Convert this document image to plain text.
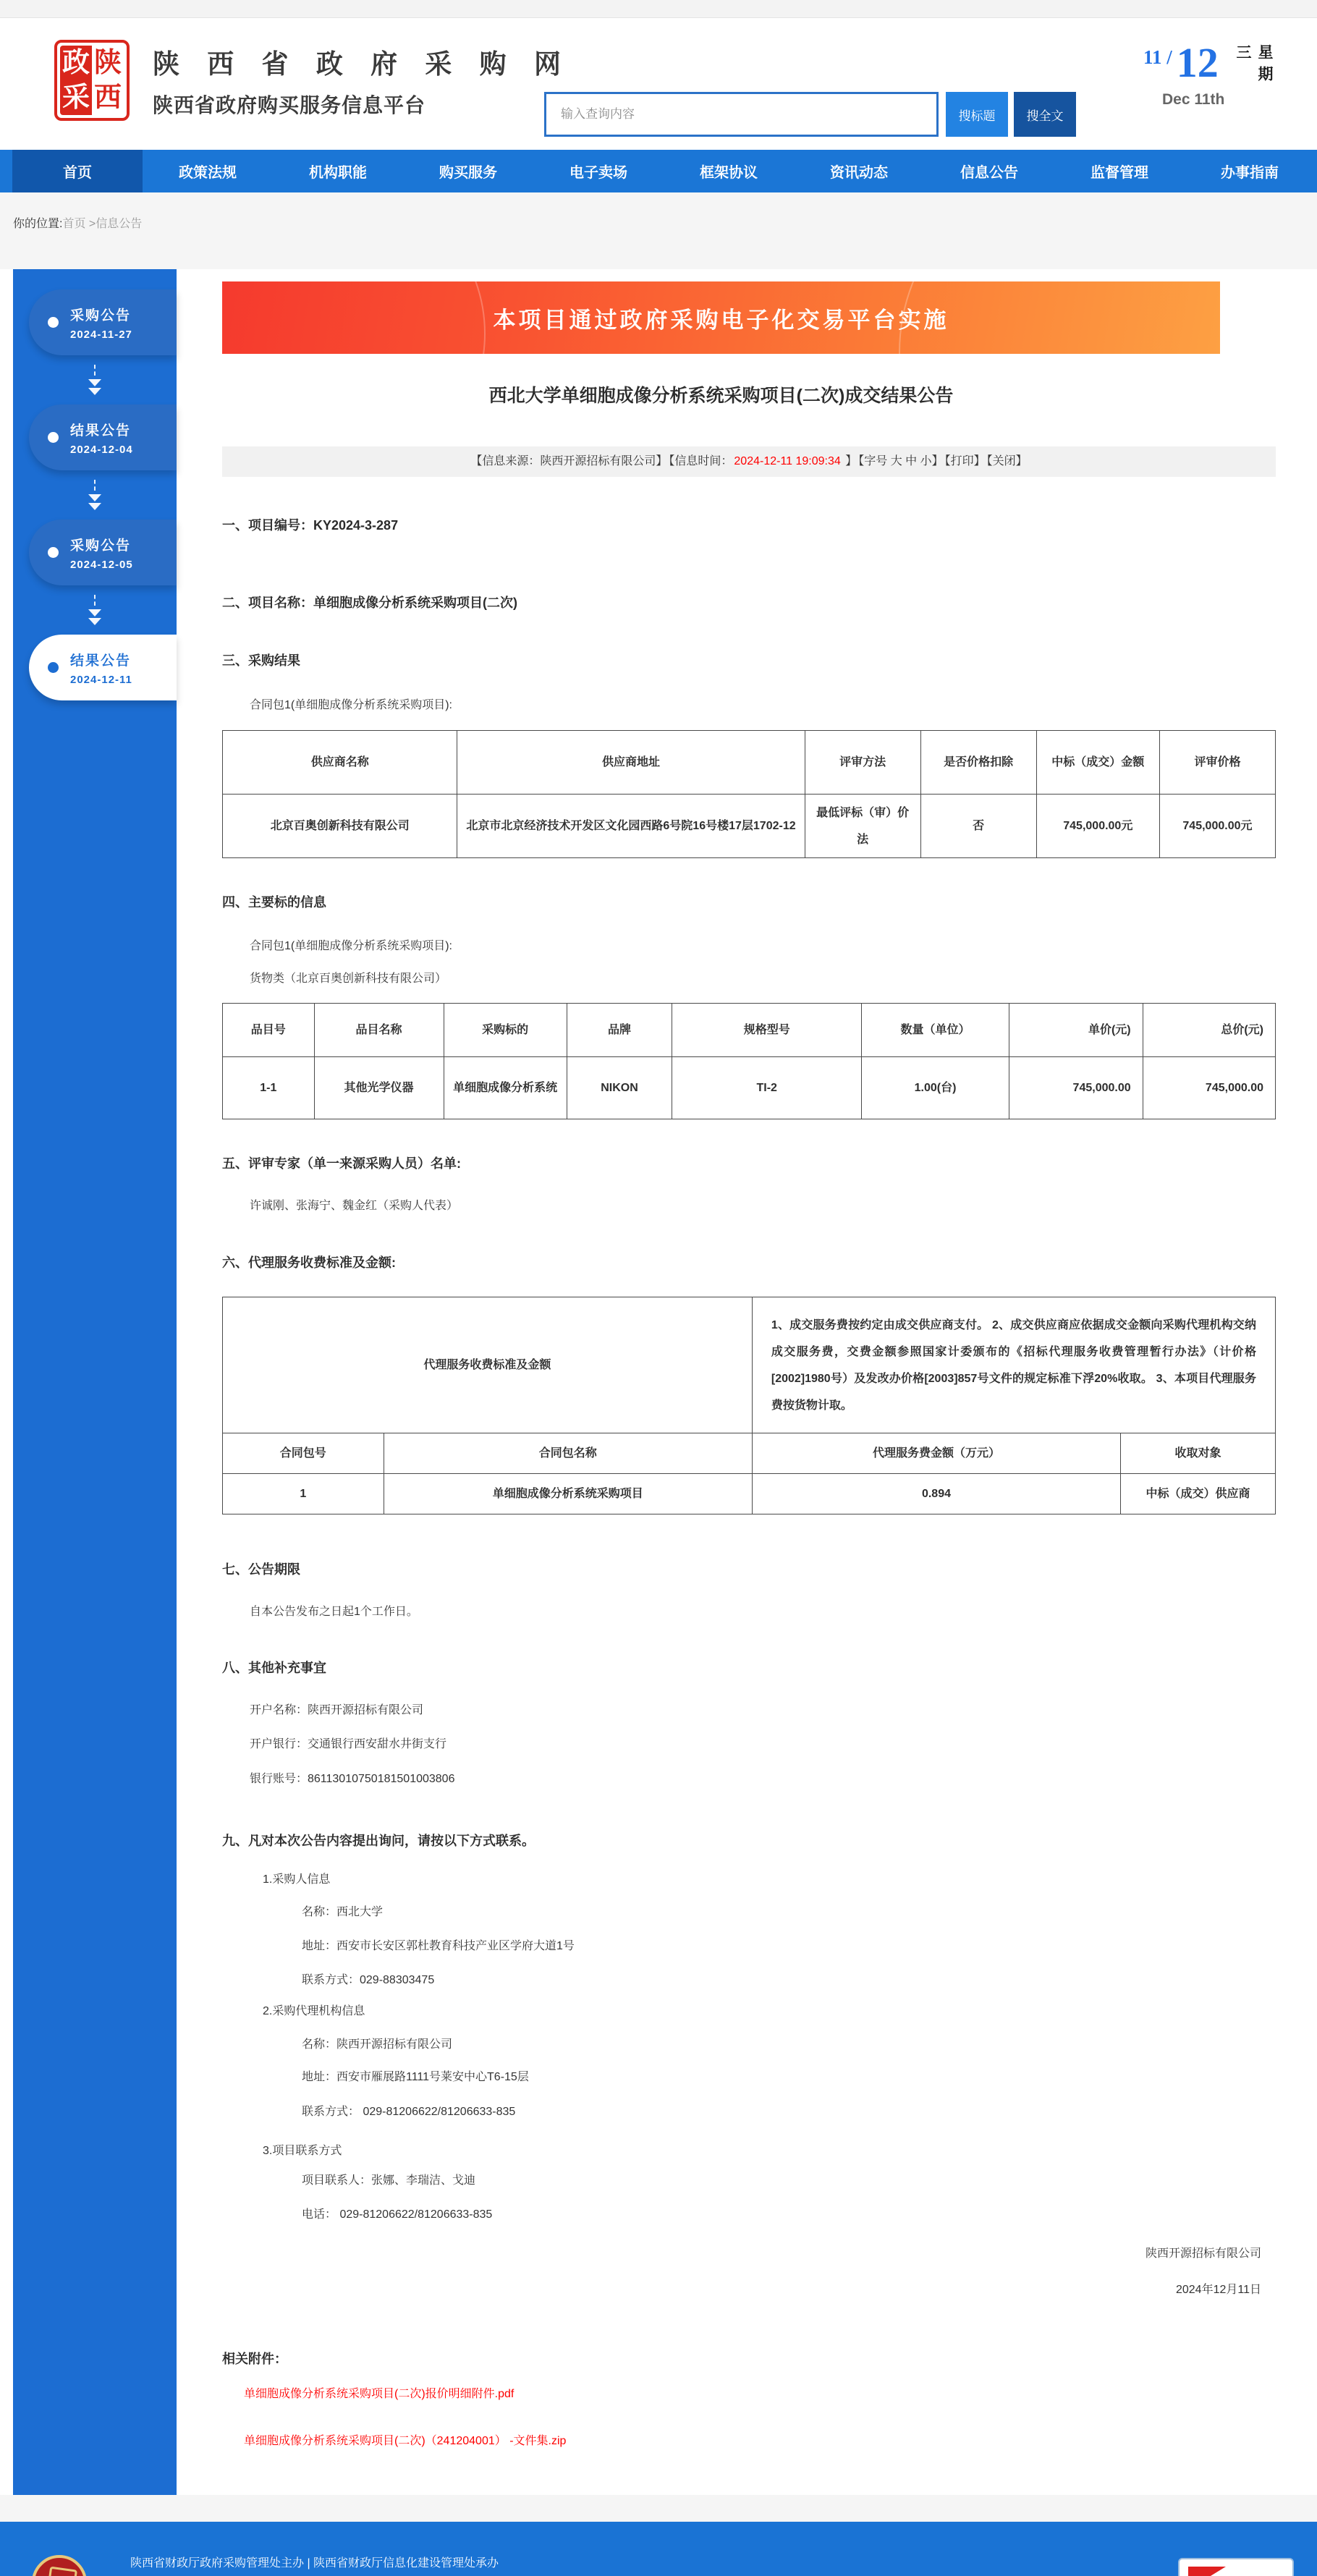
政
采
陕
西
陕 西 省 政 府 采 购 网
陕西省政府购买服务信息平台
输入查询内容	搜标题	搜全文
11 / 12
Dec 11th
星期三
首页	政策法规	机构职能	购买服务	电子卖场	框架协议	资讯动态	信息公告	监督管理	办事指南
你的位置:首页 >信息公告
采购公告
2024-11-27
结果公告
2024-12-04
采购公告
2024-12-05
结果公告
2024-12-11
本项目通过政府采购电子化交易平台实施
西北大学单细胞成像分析系统采购项目(二次)成交结果公告
【信息来源：陕西开源招标有限公司】 【信息时间： 2024-12-11 19:09:34 】 【字号 大 中 小】 【打印】 【关闭】
一、项目编号：KY2024-3-287
二、项目名称：单细胞成像分析系统采购项目(二次)
三、采购结果
合同包1(单细胞成像分析系统采购项目):
供应商名称	供应商地址	评审方法	是否价格扣除	中标（成交）金额	评审价格
北京百奥创新科技有限公司	北京市北京经济技术开发区文化园西路6号院16号楼17层1702-12	最低评标（审）价法	否	745,000.00元	745,000.00元
四、主要标的信息
合同包1(单细胞成像分析系统采购项目):
货物类（北京百奥创新科技有限公司）
品目号	品目名称	采购标的	品牌	规格型号	数量（单位）	单价(元)	总价(元)
1-1	其他光学仪器	单细胞成像分析系统	NIKON	TI-2	1.00(台)	745,000.00	745,000.00
五、评审专家（单一来源采购人员）名单:
许诚刚、张海宁、魏金红（采购人代表）
六、代理服务收费标准及金额:
代理服务收费标准及金额		1、成交服务费按约定由成交供应商支付。 2、成交供应商应依据成交金额向采购代理机构交纳成交服务费，交费金额参照国家计委颁布的《招标代理服务收费管理暂行办法》（计价格[2002]1980号）及发改办价格[2003]857号文件的规定标准下浮20%收取。 3、本项目代理服务费按货物计取。	
合同包号	合同包名称	代理服务费金额（万元）	收取对象
1	单细胞成像分析系统采购项目	0.894	中标（成交）供应商
七、公告期限
自本公告发布之日起1个工作日。
八、其他补充事宜
开户名称：陕西开源招标有限公司
开户银行：交通银行西安甜水井街支行
银行账号：86113010750181501003806
九、凡对本次公告内容提出询问，请按以下方式联系。
1.采购人信息
名称：西北大学
地址：西安市长安区郭杜教育科技产业区学府大道1号
联系方式：029-88303475
2.采购代理机构信息
名称：陕西开源招标有限公司
地址：西安市雁展路1111号莱安中心T6-15层
联系方式： 029-81206622/81206633-835
3.项目联系方式
项目联系人：张娜、李瑞洁、戈迪
电话： 029-81206622/81206633-835
陕西开源招标有限公司
2024年12月11日
相关附件：
单细胞成像分析系统采购项目(二次)报价明细附件.pdf
单细胞成像分析系统采购项目(二次)（241204001） -文件集.zip
陕西省财政厅政府采购管理处主办 | 陕西省财政厅信息化建设管理处承办
